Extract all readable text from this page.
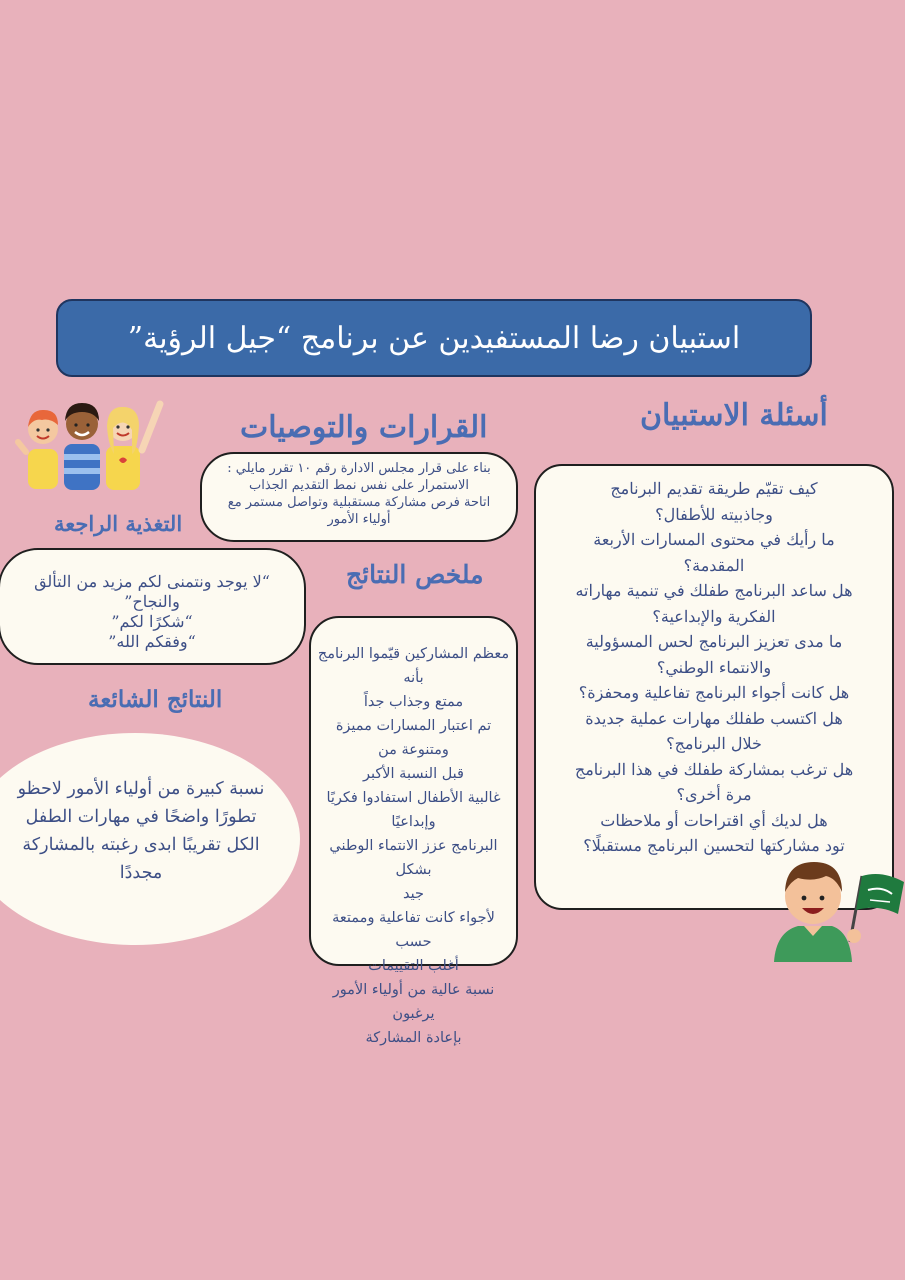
استبيان رضا المستفيدين عن برنامج “جيل الرؤية”
أسئلة الاستبيان
القرارات والتوصيات
ملخص النتائج
التغذية الراجعة
النتائج الشائعة
كيف تقيّم طريقة تقديم البرنامج
وجاذبيته للأطفال؟
ما رأيك في محتوى المسارات الأربعة
المقدمة؟
هل ساعد البرنامج طفلك في تنمية مهاراته
الفكرية والإبداعية؟
ما مدى تعزيز البرنامج لحس المسؤولية
والانتماء الوطني؟
هل كانت أجواء البرنامج تفاعلية ومحفزة؟
هل اكتسب طفلك مهارات عملية جديدة
خلال البرنامج؟
هل ترغب بمشاركة طفلك في هذا البرنامج
مرة أخرى؟
هل لديك أي اقتراحات أو ملاحظات
تود مشاركتها لتحسين البرنامج مستقبلًا؟
بناء على قرار مجلس الادارة رقم ١٠ تقرر مايلي :
الاستمرار على نفس نمط التقديم الجذاب
اتاحة فرص مشاركة مستقبلية وتواصل مستمر مع
أولياء الأمور
معظم المشاركين قيّموا البرنامج بأنه
ممتع وجذاب جداً
تم اعتبار المسارات مميزة ومتنوعة من
قبل النسبة الأكبر
غالبية الأطفال استفادوا فكريًا
وإبداعيًا
البرنامج عزز الانتماء الوطني بشكل
جيد
لأجواء كانت تفاعلية وممتعة حسب
أغلب التقييمات
نسبة عالية من أولياء الأمور يرغبون
بإعادة المشاركة
“لا يوجد ونتمنى لكم مزيد من التألق والنجاح”
“شكرًا لكم”
“وفقكم الله”
نسبة كبيرة من أولياء الأمور لاحظو
تطورًا واضحًا في مهارات الطفل
الكل تقريبًا ابدى رغبته بالمشاركة مجددًا
